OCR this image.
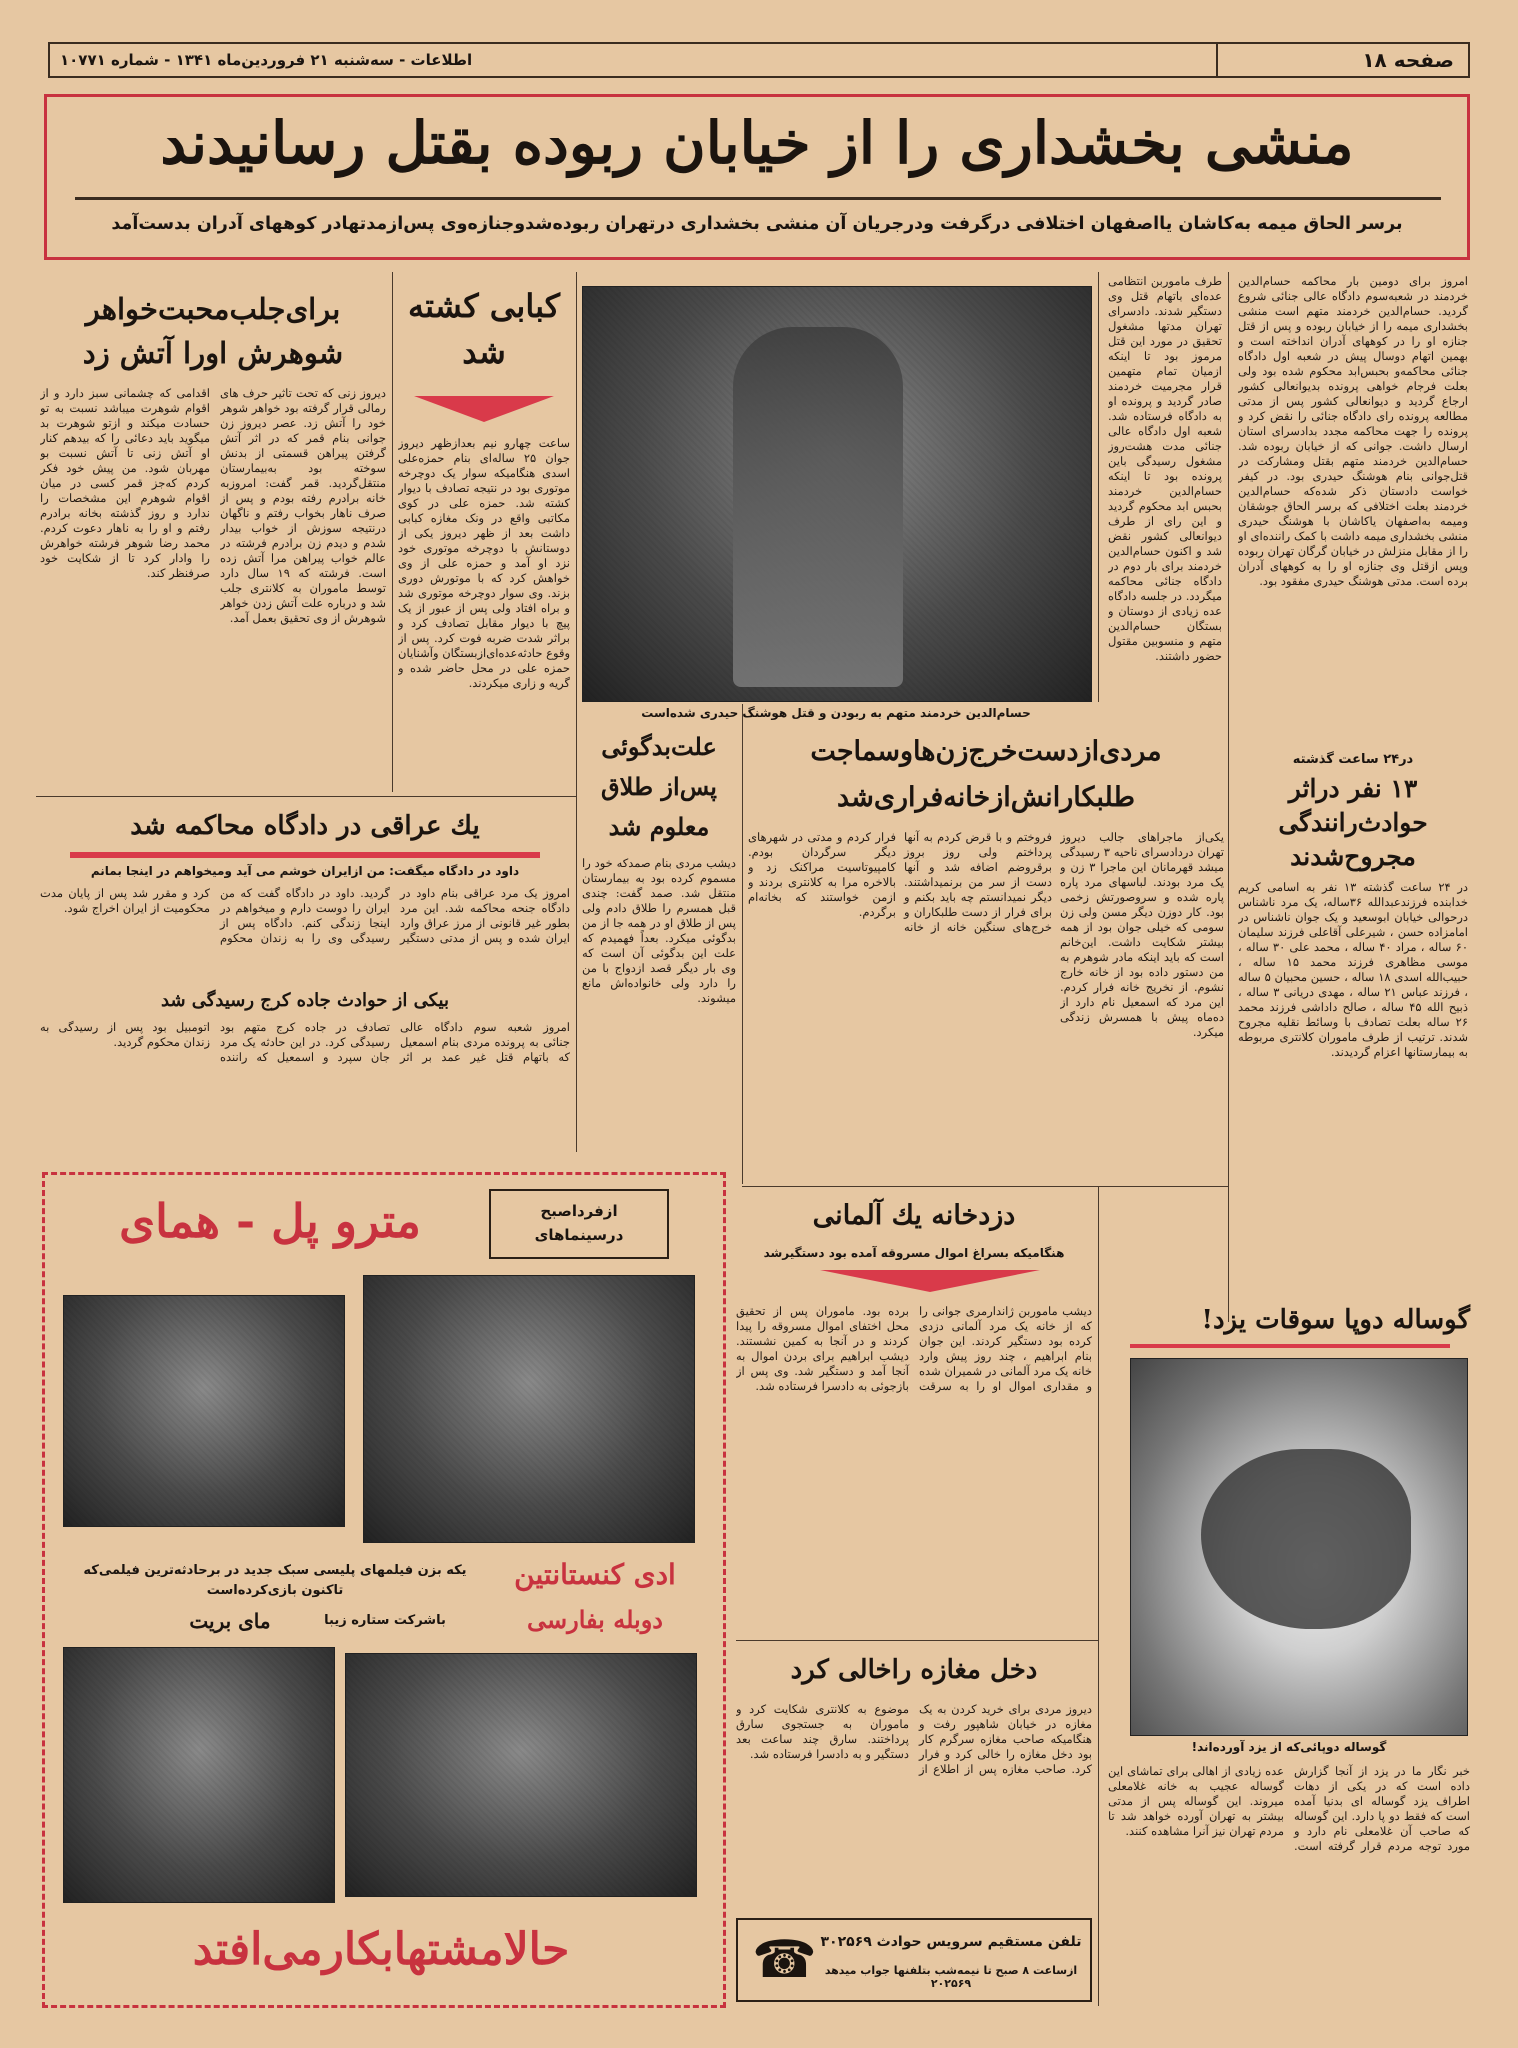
صفحه ۱۸
اطلاعات - سه‌شنبه ۲۱ فروردین‌ماه ۱۳۴۱ - شماره ۱۰۷۷۱
منشی بخشداری را از خیابان ربوده بقتل رسانیدند
برسر الحاق میمه به‌کاشان یااصفهان اختلافی درگرفت ودرجریان آن منشی بخشداری درتهران ربوده‌شدوجنازه‌وی پس‌ازمدتهادر کوههای آدران بدست‌آمد
امروز برای دومین بار محاکمه حسام‌الدین خردمند در شعبه‌سوم دادگاه عالی جنائی شروع گردید. حسام‌الدین خردمند متهم است منشی بخشداری میمه را از خیابان ربوده و پس از قتل جنازه او را در کوههای آدران انداخته است و بهمین اتهام دوسال پیش در شعبه اول دادگاه جنائی محاکمه‌و بحبس‌ابد محکوم شده بود ولی بعلت فرجام خواهی پرونده بدیوانعالی کشور ارجاع گردید و دیوانعالی کشور پس از مدتی مطالعه پرونده رای دادگاه جنائی را نقض کرد و پرونده را جهت محاکمه مجدد بدادسرای استان ارسال داشت. جوانی که از خیابان ربوده شد. حسام‌الدین خردمند متهم بقتل ومشارکت در قتل‌جوانی بنام هوشنگ حیدری بود. در کیفر خواست دادستان ذکر شده‌که حسام‌الدین خردمند بعلت اختلافی که برسر الحاق جوشقان ومیمه به‌اصفهان یاکاشان با هوشنگ حیدری منشی بخشداری میمه داشت با کمک راننده‌ای او را از مقابل منزلش در خیابان گرگان تهران ربوده وپس ازقتل وی جنازه او را به کوههای آدران برده است. مدتی هوشنگ حیدری مفقود بود.
طرف ماموربن انتظامی عده‌ای باتهام قتل وی دستگیر شدند. دادسرای تهران مدتها مشغول تحقیق در مورد این قتل مرموز بود تا اینکه ازمیان تمام متهمین قرار مجرمیت خردمند صادر گردید و پرونده او به دادگاه فرستاده شد. شعبه اول دادگاه عالی جنائی مدت هشت‌روز مشغول رسیدگی باین پرونده بود تا اینکه حسام‌الدین خردمند بحبس ابد محکوم گردید و این رای از طرف دیوانعالی کشور نقض شد و اکنون حسام‌الدین خردمند برای بار دوم در دادگاه جنائی محاکمه میگردد. در جلسه دادگاه عده زیادی از دوستان و بستگان حسام‌الدین متهم و منسوبین مقتول حضور داشتند.
حسام‌الدین خردمند متهم به ربودن و قتل هوشنگ حیدری شده‌است
کبابی کشته
شد
ساعت چهارو نیم بعدازظهر دیروز جوان ۲۵ ساله‌ای بنام حمزه‌علی اسدی هنگامیکه سوار یک دوچرخه موتوری بود در نتیجه تصادف با دیوار کشته شد. حمزه علی در کوی مکاتبی واقع در ونک مغازه کبابی داشت بعد از ظهر دیروز یکی از دوستانش با دوچرخه موتوری خود نزد او آمد و حمزه علی از وی خواهش کرد که با موتورش دوری بزند. وی سوار دوچرخه موتوری شد و براه افتاد ولی پس از عبور از یک پیچ با دیوار مقابل تصادف کرد و براثر شدت ضربه فوت کرد. پس از وقوع حادثه‌عده‌ای‌ازبستگان وآشنایان حمزه علی در محل حاضر شده و گریه و زاری میکردند.
برای‌جلب‌محبت‌خواهر
شوهرش اورا آتش زد
دیروز زنی که تحت تاثیر حرف های رمالی قرار گرفته بود خواهر شوهر خود را آتش زد. عصر دیروز زن جوانی بنام قمر که در اثر آتش گرفتن پیراهن قسمتی از بدنش سوخته بود به‌بیمارستان منتقل‌گردید. قمر گفت: امروزبه خانه برادرم رفته بودم و پس از صرف ناهار بخواب رفتم و ناگهان درنتیجه سوزش از خواب بیدار شدم و دیدم زن برادرم فرشته در عالم خواب پیراهن مرا آتش زده است. فرشته که ۱۹ سال دارد توسط ماموران به کلانتری جلب شد و درباره علت آتش زدن خواهر شوهرش از وی تحقیق بعمل آمد.
اقدامی که چشمانی سبز دارد و از اقوام شوهرت میباشد نسبت به تو حسادت میکند و ازتو شوهرت بد میگوید باید دعائی را که بیدهم کنار او آتش زنی تا آتش نسبت بو مهربان شود. من پیش خود فکر کردم که‌جز قمر کسی در میان اقوام شوهرم این مشخصات را ندارد و روز گذشته بخانه برادرم رفتم و او را به ناهار دعوت کردم. محمد رضا شوهر فرشته خواهرش را وادار کرد تا از شکایت خود صرفنظر کند.
یك عراقی در دادگاه محاکمه شد
داود در دادگاه میگفت: من ازایران خوشم می آید ومیخواهم در اینجا بمانم
امروز یک مرد عراقی بنام داود در دادگاه جنحه محاکمه شد. این مرد بطور غیر قانونی از مرز عراق وارد ایران شده و پس از مدتی دستگیر گردید. داود در دادگاه گفت که من ایران را دوست دارم و میخواهم در اینجا زندگی کنم. دادگاه پس از رسیدگی وی را به زندان محکوم کرد و مقرر شد پس از پایان مدت محکومیت از ایران اخراج شود.
بیکی از حوادث جاده کرج رسیدگی شد
امروز شعبه سوم دادگاه عالی جنائی به پرونده مردی بنام اسمعیل که باتهام قتل غیر عمد بر اثر تصادف در جاده کرج متهم بود رسیدگی کرد. در این حادثه یک مرد جان سپرد و اسمعیل که راننده اتومبیل بود پس از رسیدگی به زندان محکوم گردید.
علت‌بدگوئی
پس‌از طلاق
معلوم شد
دیشب مردی بنام صمدکه خود را مسموم کرده بود به بیمارستان منتقل شد. صمد گفت: چندی قبل همسرم را طلاق دادم ولی پس از طلاق او در همه جا از من بدگوئی میکرد. بعداً فهمیدم که علت این بدگوئی آن است که وی بار دیگر قصد ازدواج با من را دارد ولی خانواده‌اش مانع میشوند.
مردی‌ازدست‌خرج‌زن‌هاوسماجت
طلبکارانش‌ازخانه‌فراری‌شد
فروختم و با قرض کردم به آنها پرداختم ولی روز بروز برقروضم اضافه شد و آنها دست از سر من برنمیداشتند. دیگر نمیدانستم چه باید بکنم و برای فرار از دست طلبکاران و خرج‌های سنگین خانه از خانه فرار کردم و مدتی در شهرهای دیگر سرگردان بودم. کامپیوتاسیت مراکنک زد و بالاخره مرا به کلانتری بردند و ازمن خواستند که بخانه‌ام برگردم.
یکی‌از ماجراهای جالب دیروز تهران دردادسرای ناحیه ۳ رسیدگی میشد قهرمانان این ماجرا ۳ زن و یک مرد بودند. لباسهای مرد پاره پاره شده و سروصورتش زخمی بود. کار دوزن دیگر مسن ولی زن سومی که خیلی جوان بود از همه بیشتر شکایت داشت. این‌خانم است که باید اینکه مادر شوهرم به من دستور داده بود از خانه خارج نشوم. از نخریج خانه فرار کردم. این مرد که اسمعیل نام دارد از ده‌ماه پیش با همسرش زندگی میکرد.
در۲۴ ساعت گذشته
۱۳ نفر دراثر
حوادث‌رانندگی
مجروح‌شدند
در ۲۴ ساعت گذشته ۱۳ نفر به اسامی کریم خدابنده فرزندعبدالله ۳۶ساله، یک مرد ناشناس درحوالی خیابان ابوسعید و یک جوان ناشناس در امامزاده حسن ، شیرعلی آقاعلی فرزند سلیمان ۶۰ ساله ، مراد ۴۰ ساله ، محمد علی ۳۰ ساله ، موسی مظاهری فرزند محمد ۱۵ ساله ، حبیب‌الله اسدی ۱۸ ساله ، حسین محبیان ۵ ساله ، فرزند عباس ۲۱ ساله ، مهدی دریانی ۳ ساله ، ذبیح الله ۴۵ ساله ، صالح داداشی فرزند محمد ۲۶ ساله بعلت تصادف با وسائط نقلیه مجروح شدند. ترتیب از طرف ماموران کلانتری مربوطه به بیمارستانها اعزام گردیدند.
ازفرداصبح درسینماهای
مترو پل - همای
یکه بزن فیلمهای پلیسی سبک جدید در برحادثه‌ترین فیلمی‌که تاکنون بازی‌کرده‌است	ادی کنستانتین
دوبله بفارسی
باشرکت ستاره زیبا
مای بریت
حالامشتهابکارمی‌افتد
دزدخانه يك آلمانی
هنگامیکه بسراغ اموال مسروقه آمده بود دستگیرشد
دیشب ماموربن ژاندارمری جوانی را که از خانه یک مرد آلمانی دزدی کرده بود دستگیر کردند. این جوان بنام ابراهیم ، چند روز پیش وارد خانه یک مرد آلمانی در شمیران شده و مقداری اموال او را به سرقت برده بود. ماموران پس از تحقیق محل اختفای اموال مسروقه را پیدا کردند و در آنجا به کمین نشستند. دیشب ابراهیم برای بردن اموال به آنجا آمد و دستگیر شد. وی پس از بازجوئی به دادسرا فرستاده شد.
دخل مغازه راخالی کرد
دیروز مردی برای خرید کردن به یک مغازه در خیابان شاهپور رفت و هنگامیکه صاحب مغازه سرگرم کار بود دخل مغازه را خالی کرد و فرار کرد. صاحب مغازه پس از اطلاع از موضوع به کلانتری شکایت کرد و ماموران به جستجوی سارق پرداختند. سارق چند ساعت بعد دستگیر و به دادسرا فرستاده شد.
☎ تلفن مستقیم سرویس حوادث ۳۰۲۵۶۹
ازساعت ۸ صبح تا نیمه‌شب بتلفنها جواب میدهد ۲۰۲۵۶۹
گوساله دوپا سوقات یزد!
گوساله دوپائی‌که از یزد آورده‌اند!
خبر نگار ما در یزد از آنجا گزارش داده است که در یکی از دهات اطراف یزد گوساله ای بدنیا آمده است که فقط دو پا دارد. این گوساله که صاحب آن غلامعلی نام دارد و مورد توجه مردم قرار گرفته است. عده زیادی از اهالی برای تماشای این گوساله عجیب به خانه غلامعلی میروند. این گوساله پس از مدتی بیشتر به تهران آورده خواهد شد تا مردم تهران نیز آنرا مشاهده کنند.
